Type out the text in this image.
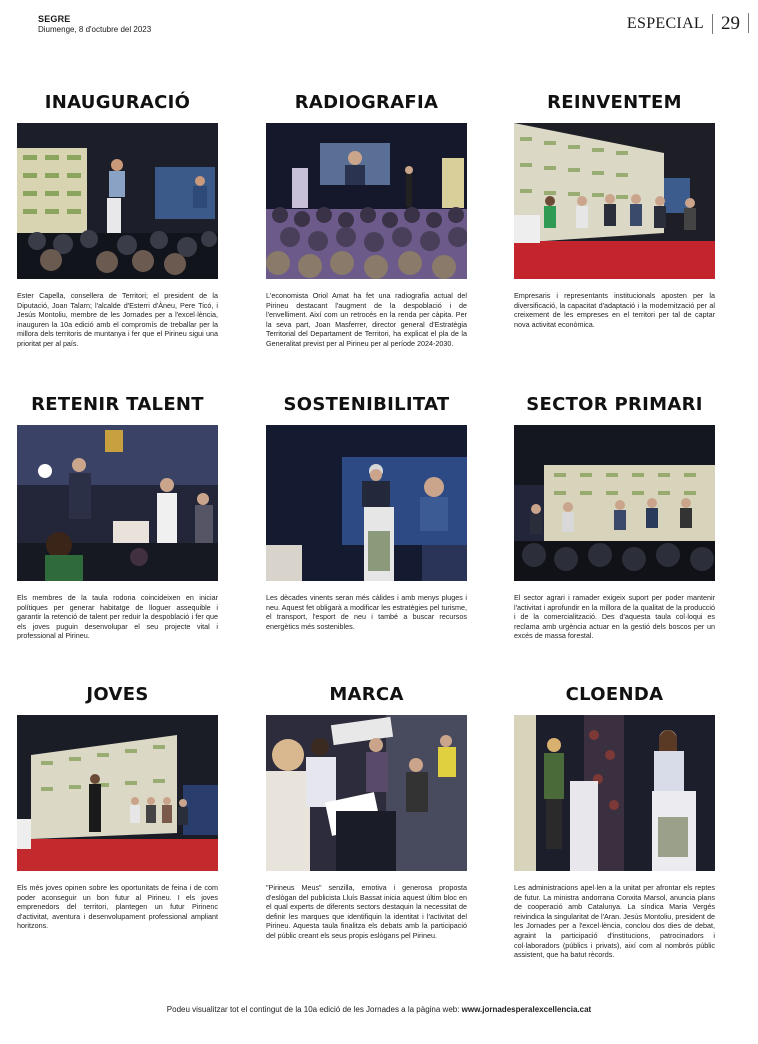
SEGRE
Diumenge, 8 d'octubre del 2023	ESPECIAL 29
INAUGURACIÓ

Ester Capella, consellera de Territori; el president de la Diputació, Joan Talarn; l'alcalde d'Esterri d'Àneu, Pere Ticó, i Jesús Montoliu, membre de les Jornades per a l'excel·lència, inauguren la 10a edició amb el compromís de treballar per la millora dels territoris de muntanya i fer que el Pirineu sigui una prioritat per al país.

RADIOGRAFIA

L'economista Oriol Amat ha fet una radiografia actual del Pirineu destacant l'augment de la despoblació i de l'envelliment. Així com un retrocés en la renda per càpita. Per la seva part, Joan Masferrer, director general d'Estratègia Territorial del Departament de Territori, ha explicat el pla de la Generalitat previst per al Pirineu per al període 2024-2030.

REINVENTEM

Empresaris i representants institucionals aposten per la diversificació, la capacitat d'adaptació i la modernització per al creixement de les empreses en el territori per tal de captar nova activitat econòmica.

RETENIR TALENT

Els membres de la taula rodona coincideixen en iniciar polítiques per generar habitatge de lloguer assequible i garantir la retenció de talent per reduir la despoblació i fer que els joves puguin desenvolupar el seu projecte vital i professional al Pirineu.

SOSTENIBILITAT

Les dècades vinents seran més càlides i amb menys pluges i neu. Aquest fet obligarà a modificar les estratègies pel turisme, el transport, l'esport de neu i també a buscar recursos energètics més sostenibles.

SECTOR PRIMARI

El sector agrari i ramader exigeix suport per poder mantenir l'activitat i aprofundir en la millora de la qualitat de la producció i de la comercialització. Des d'aquesta taula col·loqui es reclama amb urgència actuar en la gestió dels boscos per un excés de massa forestal.

JOVES

Els més joves opinen sobre les oportunitats de feina i de com poder aconseguir un bon futur al Pirineu. I els joves emprenedors del territori, plantegen un futur Pirinenc d'activitat, aventura i desenvolupament professional ampliant horitzons.

MARCA

"Pirineus Meus" senzilla, emotiva i generosa proposta d'eslògan del publicista Lluís Bassat inicia aquest últim bloc en el qual experts de diferents sectors destaquin la necessitat de definir les marques que identifiquin la identitat i l'activitat del Pirineu. Aquesta taula finalitza els debats amb la participació del públic creant els seus propis eslògans pel Pirineu.

CLOENDA

Les administracions apel·len a la unitat per afrontar els reptes de futur. La ministra andorrana Conxita Marsol, anuncia plans de cooperació amb Catalunya. La síndica Maria Vergés reivindica la singularitat de l'Aran. Jesús Montoliu, president de les Jornades per a l'excel·lència, conclou dos dies de debat, agraint la participació d'institucions, patrocinadors i col·laboradors (públics i privats), així com al nombrós públic assistent, que ha batut rècords.

Podeu visualitzar tot el contingut de la 10a edició de les Jornades a la pàgina web: www.jornadesperalexcellencia.cat
